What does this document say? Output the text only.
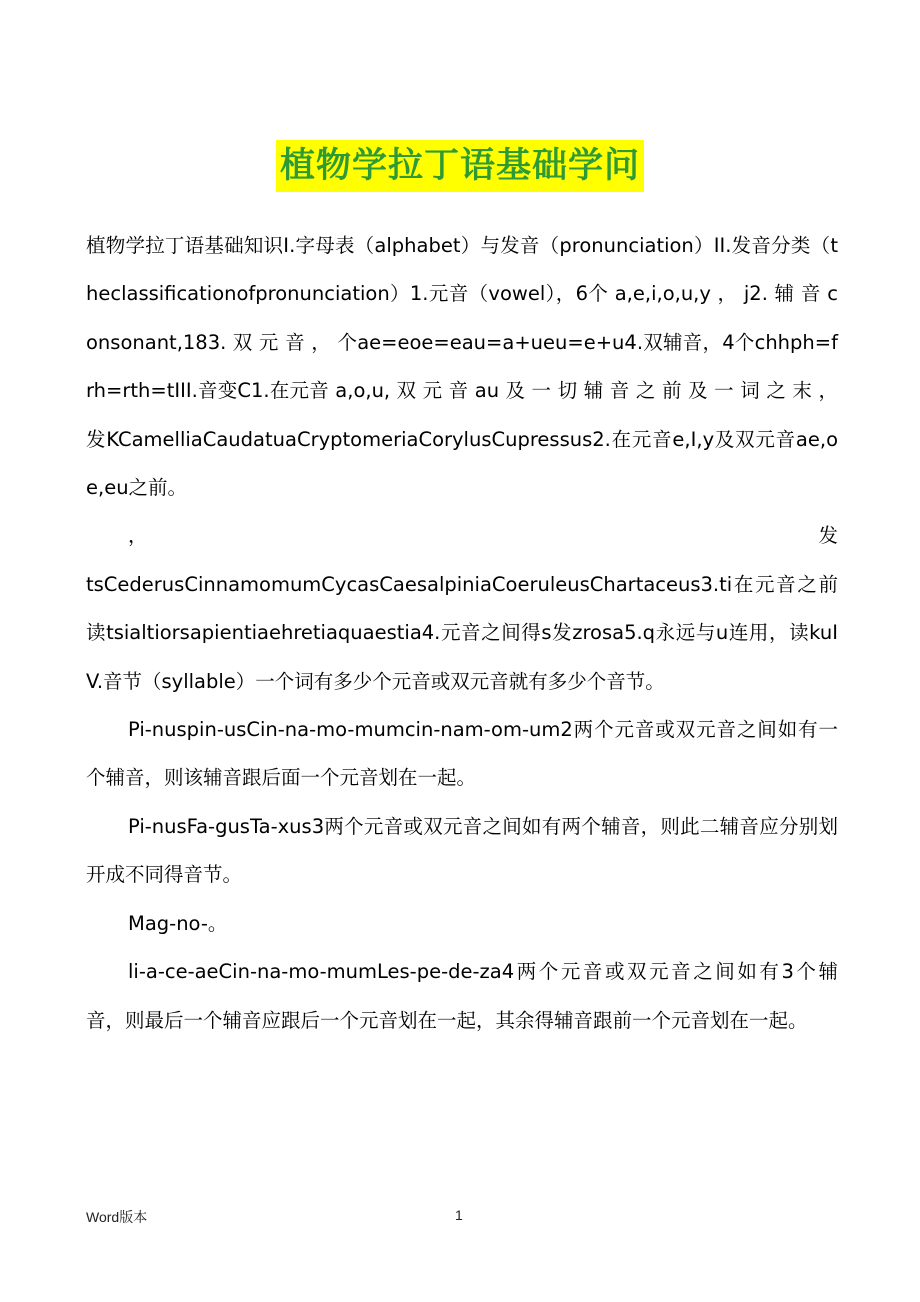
植物学拉丁语基础学问

植物学拉丁语基础知识I.字母表（alphabet）与发音（pronunciation）II.发音分类（theclassificationofpronunciation）1.元音（vowel），6个 a,e,i,o,u,y ， j2. 辅 音 consonant,183. 双 元 音 ， 个ae=eoe=eau=a+ueu=e+u4.双辅音，4个chhph=frh=rth=tIII.音变C1.在元音 a,o,u, 双 元 音 au 及 一 切 辅 音 之 前 及 一 词 之 末 ， 发KCamelliaCaudatuaCryptomeriaCorylusCupressus2.在元音e,I,y及双元音ae,oe,eu之前。

， 发

tsCederusCinnamomumCycasCaesalpiniaCoeruleusChartaceus3.ti在元音之前读tsialtiorsapientiaehretiaquaestia4.元音之间得s发zrosa5.q永远与u连用，读kuIV.音节（syllable）一个词有多少个元音或双元音就有多少个音节。

Pi-nuspin-usCin-na-mo-mumcin-nam-om-um2两个元音或双元音之间如有一个辅音，则该辅音跟后面一个元音划在一起。

Pi-nusFa-gusTa-xus3两个元音或双元音之间如有两个辅音，则此二辅音应分别划开成不同得音节。

Mag-no-。

li-a-ce-aeCin-na-mo-mumLes-pe-de-za4两个元音或双元音之间如有3个辅音，则最后一个辅音应跟后一个元音划在一起，其余得辅音跟前一个元音划在一起。

Word版本	1
